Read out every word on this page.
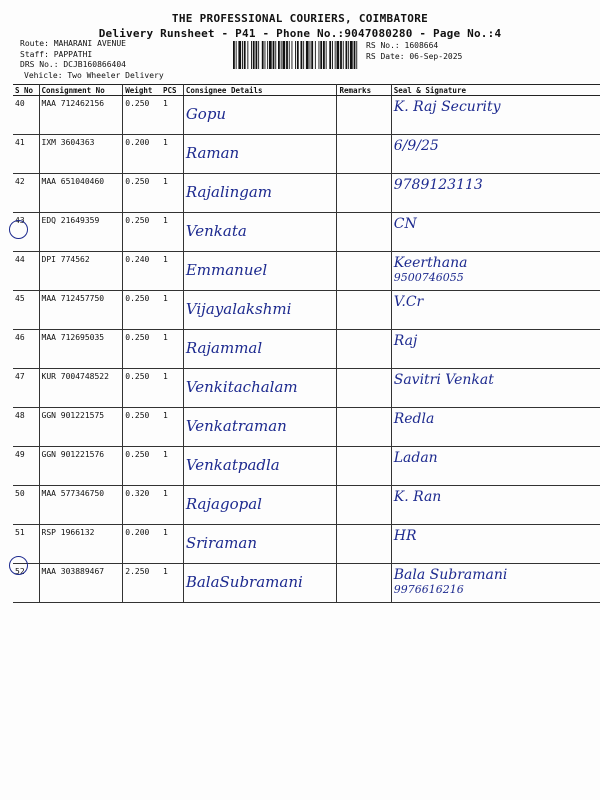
THE PROFESSIONAL COURIERS, COIMBATORE
Delivery Runsheet - P41 - Phone No.:9047080280 - Page No.:4
Route: MAHARANI AVENUE
Staff: PAPPATHI
DRS No.: DCJB160866404
Vehicle: Two Wheeler Delivery
RS No.: 1608664
RS Date: 06-Sep-2025
S No	Consignment No	Weight	PCS	Consignee Details	Remarks	Seal & Signature
40	MAA 712462156	0.250	1	Gopu		K. Raj Security

41	IXM 3604363	0.200	1	Raman		6/9/25

42	MAA 651040460	0.250	1	Rajalingam		9789123113

43	EDQ 21649359	0.250	1	Venkata		CN

44	DPI 774562	0.240	1	Emmanuel		Keerthana
9500746055

45	MAA 712457750	0.250	1	Vijayalakshmi		V.Cr

46	MAA 712695035	0.250	1	Rajammal		Raj

47	KUR 7004748522	0.250	1	Venkitachalam		Savitri Venkat

48	GGN 901221575	0.250	1	Venkatraman		Redla

49	GGN 901221576	0.250	1	Venkatpadla		Ladan

50	MAA 577346750	0.320	1	Rajagopal		K. Ran

51	RSP 1966132	0.200	1	Sriraman		HR

52	MAA 303889467	2.250	1	BalaSubramani		Bala Subramani
9976616216
